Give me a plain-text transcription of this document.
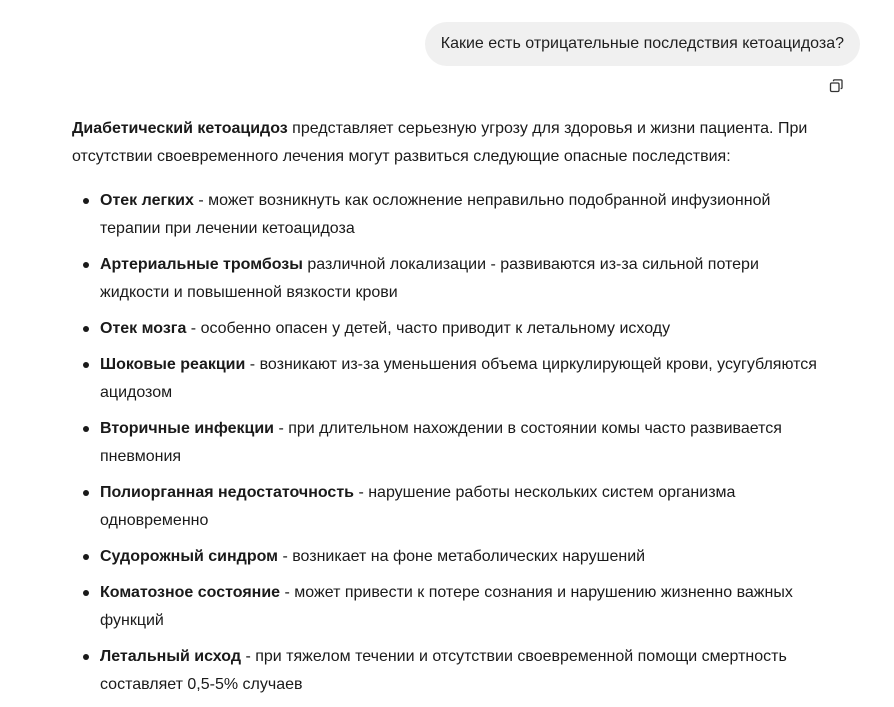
Какие есть отрицательные последствия кетоацидоза?

Диабетический кетоацидоз представляет серьезную угрозу для здоровья и жизни пациента. При отсутствии своевременного лечения могут развиться следующие опасные последствия:

Отек легких - может возникнуть как осложнение неправильно подобранной инфузионной терапии при лечении кетоацидоза
Артериальные тромбозы различной локализации - развиваются из-за сильной потери жидкости и повышенной вязкости крови
Отек мозга - особенно опасен у детей, часто приводит к летальному исходу
Шоковые реакции - возникают из-за уменьшения объема циркулирующей крови, усугубляются ацидозом
Вторичные инфекции - при длительном нахождении в состоянии комы часто развивается пневмония
Полиорганная недостаточность - нарушение работы нескольких систем организма одновременно
Судорожный синдром - возникает на фоне метаболических нарушений
Коматозное состояние - может привести к потере сознания и нарушению жизненно важных функций
Летальный исход - при тяжелом течении и отсутствии своевременной помощи смертность составляет 0,5-5% случаев
